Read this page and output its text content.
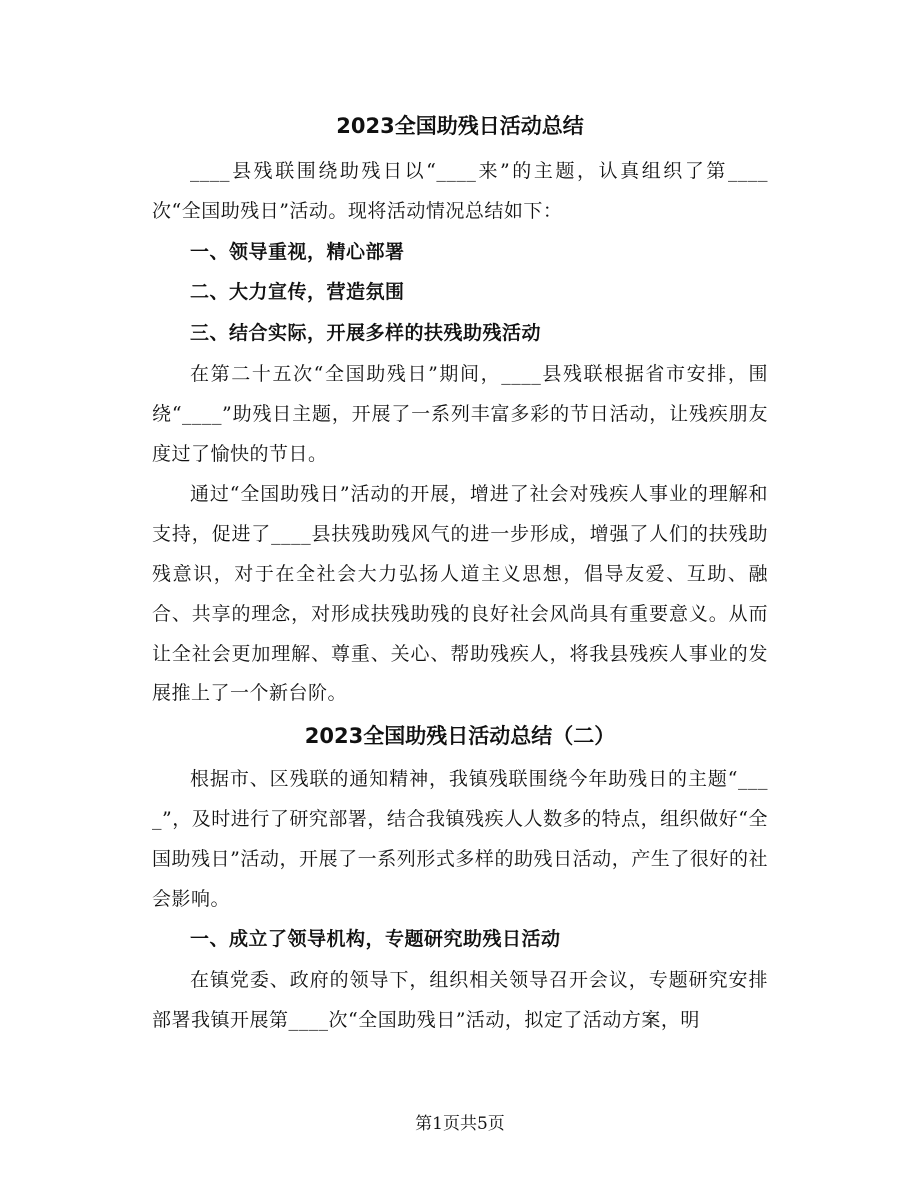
2023全国助残日活动总结

____县残联围绕助残日以“____来”的主题，认真组织了第____次“全国助残日”活动。现将活动情况总结如下：

一、领导重视，精心部署

二、大力宣传，营造氛围

三、结合实际，开展多样的扶残助残活动

在第二十五次“全国助残日”期间，____县残联根据省市安排，围绕“____”助残日主题，开展了一系列丰富多彩的节日活动，让残疾朋友度过了愉快的节日。

通过“全国助残日”活动的开展，增进了社会对残疾人事业的理解和支持，促进了____县扶残助残风气的进一步形成，增强了人们的扶残助残意识，对于在全社会大力弘扬人道主义思想，倡导友爱、互助、融合、共享的理念，对形成扶残助残的良好社会风尚具有重要意义。从而让全社会更加理解、尊重、关心、帮助残疾人，将我县残疾人事业的发展推上了一个新台阶。

2023全国助残日活动总结（二）

根据市、区残联的通知精神，我镇残联围绕今年助残日的主题“____”，及时进行了研究部署，结合我镇残疾人人数多的特点，组织做好“全国助残日”活动，开展了一系列形式多样的助残日活动，产生了很好的社会影响。

一、成立了领导机构，专题研究助残日活动

在镇党委、政府的领导下，组织相关领导召开会议，专题研究安排部署我镇开展第____次“全国助残日”活动，拟定了活动方案，明

第1页共5页
